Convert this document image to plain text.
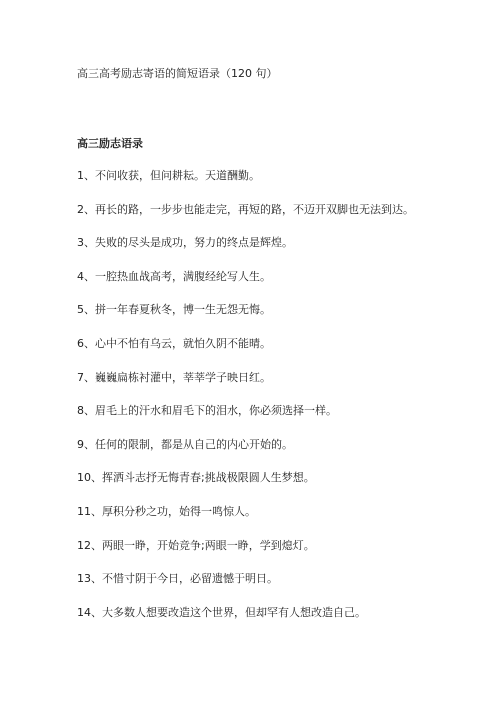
高三高考励志寄语的简短语录（120 句）
高三励志语录
1、不问收获，但问耕耘。天道酬勤。
2、再长的路，一步步也能走完，再短的路，不迈开双脚也无法到达。
3、失败的尽头是成功，努力的终点是辉煌。
4、一腔热血战高考，满腹经纶写人生。
5、拼一年春夏秋冬，博一生无怨无悔。
6、心中不怕有乌云，就怕久阴不能晴。
7、巍巍扁栋衬灌中，莘莘学子映日红。
8、眉毛上的汗水和眉毛下的泪水，你必须选择一样。
9、任何的限制，都是从自己的内心开始的。
10、挥洒斗志抒无悔青春;挑战极限圆人生梦想。
11、厚积分秒之功，始得一鸣惊人。
12、两眼一睁，开始竞争;两眼一睁，学到熄灯。
13、不惜寸阴于今日，必留遗憾于明日。
14、大多数人想要改造这个世界，但却罕有人想改造自己。
